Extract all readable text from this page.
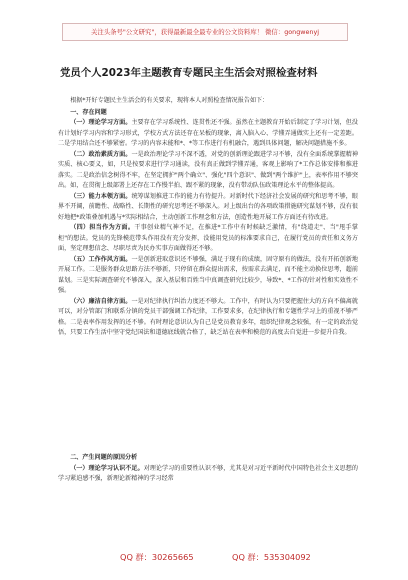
关注头条号"公文研究"，获得最新最全最专业的公文资料库！ 微信：gongwenyj
党员个人2023年主题教育专题民主生活会对照检查材料

根据*开好专题民主生活会的有关要求，现将本人对照检查情况报告如下：

一、存在问题

（一）理论学习方面。主要存在学习系统性、连贯性还不强。虽然在主题教育开始后制定了学习计划，但没有计划好学习内容和学习形式，学校方式方法还存在呆板的现象，离入脑入心、学懂弄通做实上还有一定差距。二是学用结合还不够紧密。学习的内容未能和*、*等工作进行有机融合，遇到具体问题，解决问题措施不多。

（二）政治素质方面。一是政治理论学习不深不透，对党的创新理论跟进学习不够，没有全面系统掌握精神实质、核心要义，如，只是按要求进行学习通读，没有真正做到学懂弄通，客观上影响了*工作总体安排和推进落实。二是政治信念树得不牢，在坚定拥护"两个确立"、强化"四个意识"、做到"两个维护"上，表率作用不够突出。如，在贯彻上级部署上还存在工作慢半拍、跟不紧的现象，没有带动队伍政策理论水平的整体提高。

（三）能力本领方面。统筹谋划推进工作的能力有待提升。对新时代下经济社会发展的研究和思考不够，眼界不开阔，前瞻性、战略性、长期性的研究思考还不够深入。对上级出台的各项政策措施研究谋划不够，没有很好地把*政策叠加机遇与*实际相结合，主动创新工作理念和方法，创造性地开展工作方面还有待改进。

（四）担当作为方面。干事创业精气神不足，在推进*工作中有时候缺乏激情，有"绕道走"、当"甩手掌柜"的想法。党员的先锋模范带头作用没有充分发挥，没能用党员的标准要求自己，在履行党员的责任和义务方面，坚定理想信念、尽职尽责为民办实事方面做得还不够。

（五）工作作风方面。一是创新进取意识还不够强，满足于现有的成绩，固守原有的做法，没有开拓创新地开展工作。二是服务群众思路方法不够新，只停留在群众提出需求，按需求去满足，而不能主动换位思考，超前谋划。三是实际调查研究不够深入，深入基层和百姓当中真调查研究比较少，导致*、*工作的针对性和实效性不强。

（六）廉洁自律方面。一是对纪律执行纠治力度还不够大。工作中，有时认为只要把握住大的方向不偏离就可以，对分管部门和联系分镇的党员干部强调工作纪律，工作要求多，在纪律执行和专题性学习上的重视不够严格。二是表率作用发挥的还不够。有时理论意识认为自己是党员教育多年，组织纪律观念较强，有一定的政治觉悟，只要工作生活中坚守党纪国法和道德底线就合格了，缺乏站在表率和模范的高度去自觉进一步提升自我。

二、产生问题的原因分析

（一）理论学习认识不足。对理论学习的重要性认识不够，尤其是对习近平新时代中国特色社会主义思想的学习紧迫感不强，新理论新精神的学习经常

QQ 群：30265665	QQ 群：535304092
